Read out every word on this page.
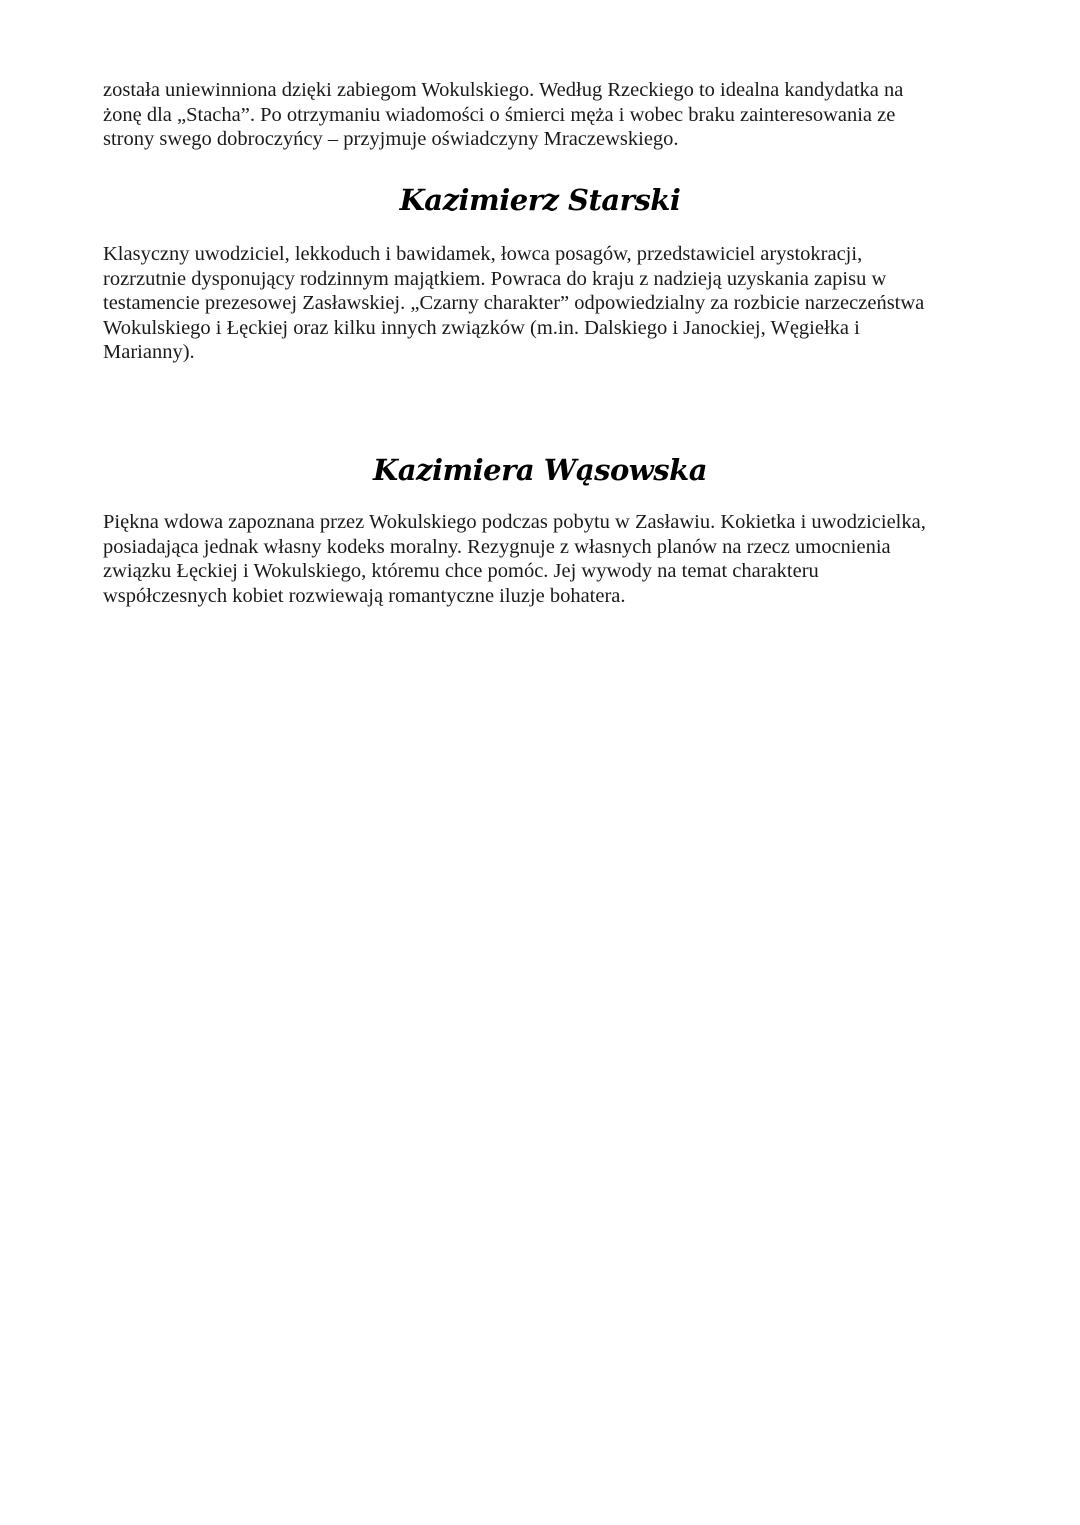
została uniewinniona dzięki zabiegom Wokulskiego. Według Rzeckiego to idealna kandydatka na
żonę dla „Stacha”. Po otrzymaniu wiadomości o śmierci męża i wobec braku zainteresowania ze
strony swego dobroczyńcy – przyjmuje oświadczyny Mraczewskiego.

Kazimierz Starski

Klasyczny uwodziciel, lekkoduch i bawidamek, łowca posagów, przedstawiciel arystokracji,
rozrzutnie dysponujący rodzinnym majątkiem. Powraca do kraju z nadzieją uzyskania zapisu w
testamencie prezesowej Zasławskiej. „Czarny charakter” odpowiedzialny za rozbicie narzeczeństwa
Wokulskiego i Łęckiej oraz kilku innych związków (m.in. Dalskiego i Janockiej, Węgiełka i
Marianny).

Kazimiera Wąsowska

Piękna wdowa zapoznana przez Wokulskiego podczas pobytu w Zasławiu. Kokietka i uwodzicielka,
posiadająca jednak własny kodeks moralny. Rezygnuje z własnych planów na rzecz umocnienia
związku Łęckiej i Wokulskiego, któremu chce pomóc. Jej wywody na temat charakteru
współczesnych kobiet rozwiewają romantyczne iluzje bohatera.
